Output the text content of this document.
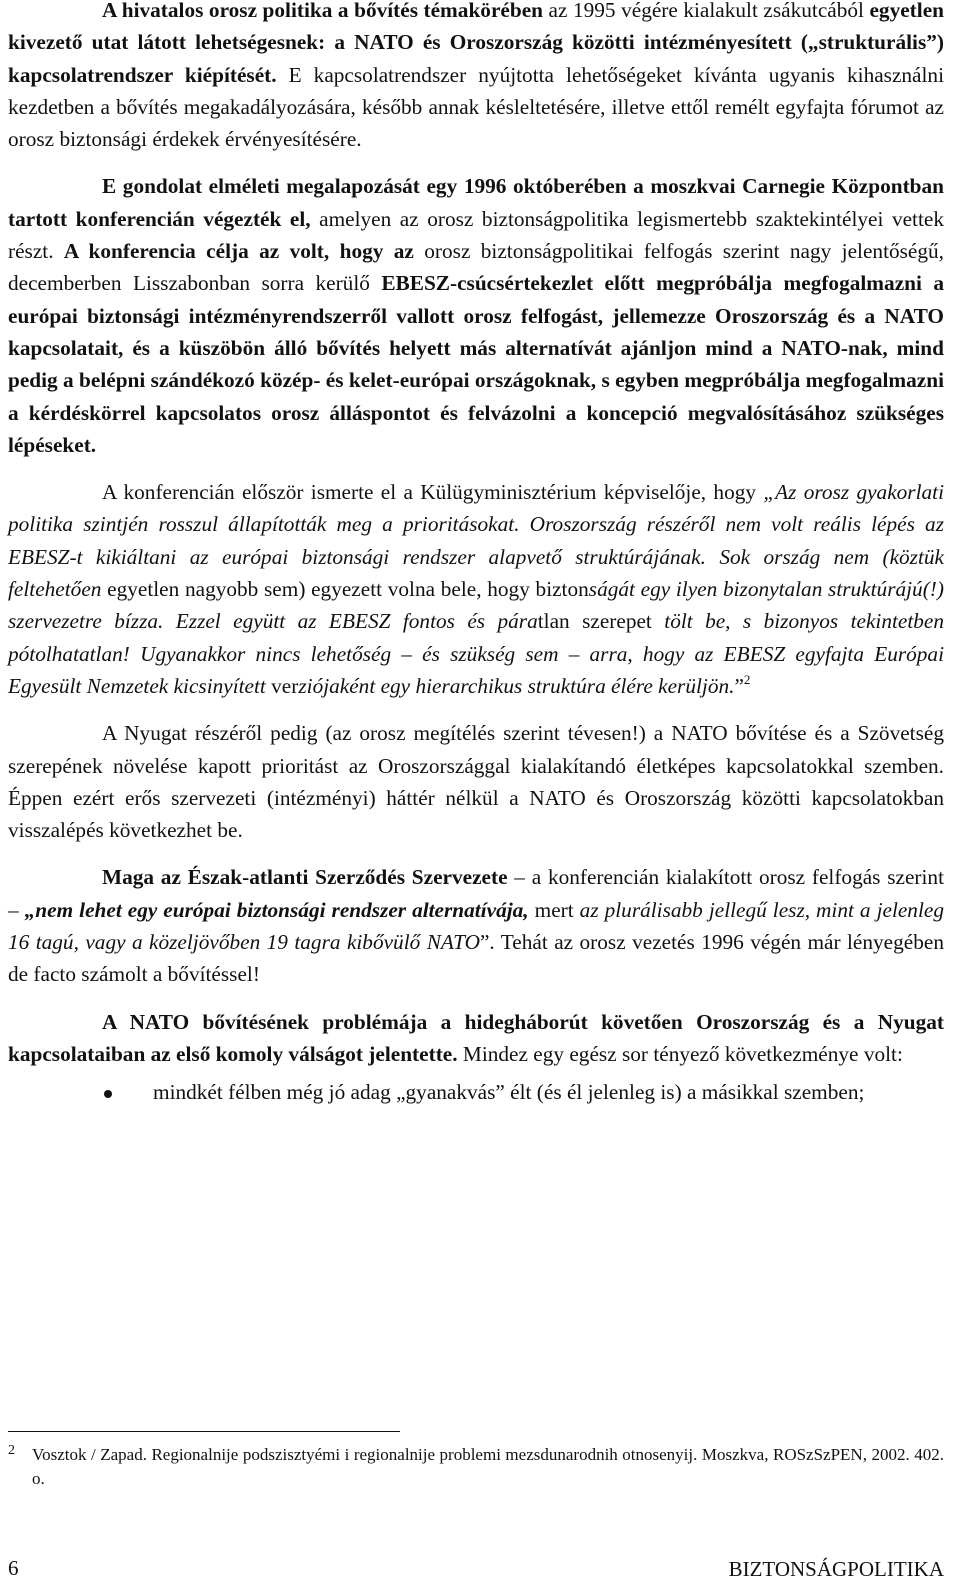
A hivatalos orosz politika a bővítés témakörében az 1995 végére kialakult zsákutcából egyetlen kivezető utat látott lehetségesnek: a NATO és Oroszország közötti intézményesített („strukturális”) kapcsolatrendszer kiépítését. E kapcsolatrendszer nyújtotta lehetőségeket kívánta ugyanis kihasználni kezdetben a bővítés megakadályozására, később annak késleltetésére, illetve ettől remélt egyfajta fórumot az orosz biztonsági érdekek érvényesítésére.

E gondolat elméleti megalapozását egy 1996 októberében a moszkvai Carnegie Központban tartott konferencián végezték el, amelyen az orosz biztonságpolitika legismertebb szaktekintélyei vettek részt. A konferencia célja az volt, hogy az orosz biztonságpolitikai felfogás szerint nagy jelentőségű, decemberben Lisszabonban sorra kerülő EBESZ-csúcsértekezlet előtt megpróbálja megfogalmazni a európai biztonsági intézményrendszerről vallott orosz felfogást, jellemezze Oroszország és a NATO kapcsolatait, és a küszöbön álló bővítés helyett más alternatívát ajánljon mind a NATO-nak, mind pedig a belépni szándékozó közép- és kelet-európai országoknak, s egyben megpróbálja megfogalmazni a kérdéskörrel kapcsolatos orosz álláspontot és felvázolni a koncepció megvalósításához szükséges lépéseket.

A konferencián először ismerte el a Külügyminisztérium képviselője, hogy „Az orosz gyakorlati politika szintjén rosszul állapították meg a prioritásokat. Oroszország részéről nem volt reális lépés az EBESZ-t kikiáltani az európai biztonsági rendszer alapvető struktúrájának. Sok ország nem (köztük feltehetően egyetlen nagyobb sem) egyezett volna bele, hogy biztonságát egy ilyen bizonytalan struktúrájú(!) szervezetre bízza. Ezzel együtt az EBESZ fontos és páratlan szerepet tölt be, s bizonyos tekintetben pótolhatatlan! Ugyanakkor nincs lehetőség – és szükség sem – arra, hogy az EBESZ egyfajta Európai Egyesült Nemzetek kicsinyített verziójaként egy hierarchikus struktúra élére kerüljön.”$^2$

A Nyugat részéről pedig (az orosz megítélés szerint tévesen!) a NATO bővítése és a Szövetség szerepének növelése kapott prioritást az Oroszországgal kialakítandó életképes kapcsolatokkal szemben. Éppen ezért erős szervezeti (intézményi) háttér nélkül a NATO és Oroszország közötti kapcsolatokban visszalépés következhet be.

Maga az Észak-atlanti Szerződés Szervezete – a konferencián kialakított orosz felfogás szerint – „nem lehet egy európai biztonsági rendszer alternatívája, mert az plurálisabb jellegű lesz, mint a jelenleg 16 tagú, vagy a közeljövőben 19 tagra kibővülő NATO”. Tehát az orosz vezetés 1996 végén már lényegében de facto számolt a bővítéssel!

A NATO bővítésének problémája a hidegháborút követően Oroszország és a Nyugat kapcsolataiban az első komoly válságot jelentette. Mindez egy egész sor tényező következménye volt:

mindkét félben még jó adag „gyanakvás” élt (és él jelenleg is) a másikkal szemben;
2 Vosztok / Zapad. Regionalnije podszisztyémi i regionalnije problemi mezsdunarodnih otnosenyij. Moszkva, ROSzSzPEN, 2002. 402. o.
6	BIZTONSÁGPOLITIKA
